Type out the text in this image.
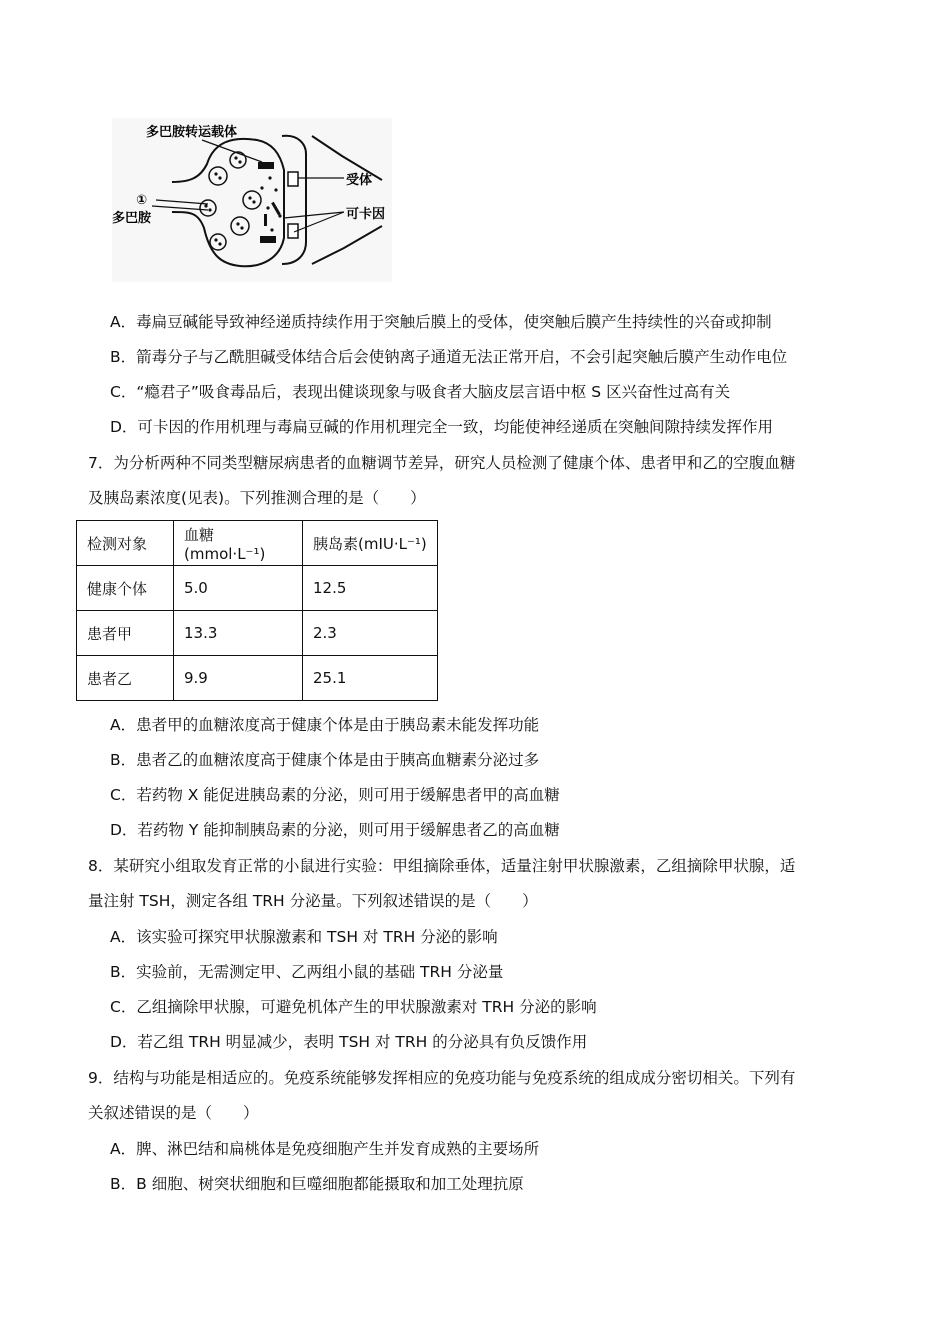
多巴胺转运载体
①
多巴胺
受体
可卡因
A．毒扁豆碱能导致神经递质持续作用于突触后膜上的受体，使突触后膜产生持续性的兴奋或抑制
B．箭毒分子与乙酰胆碱受体结合后会使钠离子通道无法正常开启，不会引起突触后膜产生动作电位
C．“瘾君子”吸食毒品后，表现出健谈现象与吸食者大脑皮层言语中枢 S 区兴奋性过高有关
D．可卡因的作用机理与毒扁豆碱的作用机理完全一致，均能使神经递质在突触间隙持续发挥作用
7．为分析两种不同类型糖尿病患者的血糖调节差异，研究人员检测了健康个体、患者甲和乙的空腹血糖
及胰岛素浓度(见表)。下列推测合理的是（　　）
检测对象	血糖(mmol·L⁻¹)	胰岛素(mIU·L⁻¹)
健康个体	5.0	12.5
患者甲	13.3	2.3
患者乙	9.9	25.1
A．患者甲的血糖浓度高于健康个体是由于胰岛素未能发挥功能
B．患者乙的血糖浓度高于健康个体是由于胰高血糖素分泌过多
C．若药物 X 能促进胰岛素的分泌，则可用于缓解患者甲的高血糖
D．若药物 Y 能抑制胰岛素的分泌，则可用于缓解患者乙的高血糖
8．某研究小组取发育正常的小鼠进行实验：甲组摘除垂体，适量注射甲状腺激素，乙组摘除甲状腺，适
量注射 TSH，测定各组 TRH 分泌量。下列叙述错误的是（　　）
A．该实验可探究甲状腺激素和 TSH 对 TRH 分泌的影响
B．实验前，无需测定甲、乙两组小鼠的基础 TRH 分泌量
C．乙组摘除甲状腺，可避免机体产生的甲状腺激素对 TRH 分泌的影响
D．若乙组 TRH 明显减少，表明 TSH 对 TRH 的分泌具有负反馈作用
9．结构与功能是相适应的。免疫系统能够发挥相应的免疫功能与免疫系统的组成成分密切相关。下列有
关叙述错误的是（　　）
A．脾、淋巴结和扁桃体是免疫细胞产生并发育成熟的主要场所
B．B 细胞、树突状细胞和巨噬细胞都能摄取和加工处理抗原
